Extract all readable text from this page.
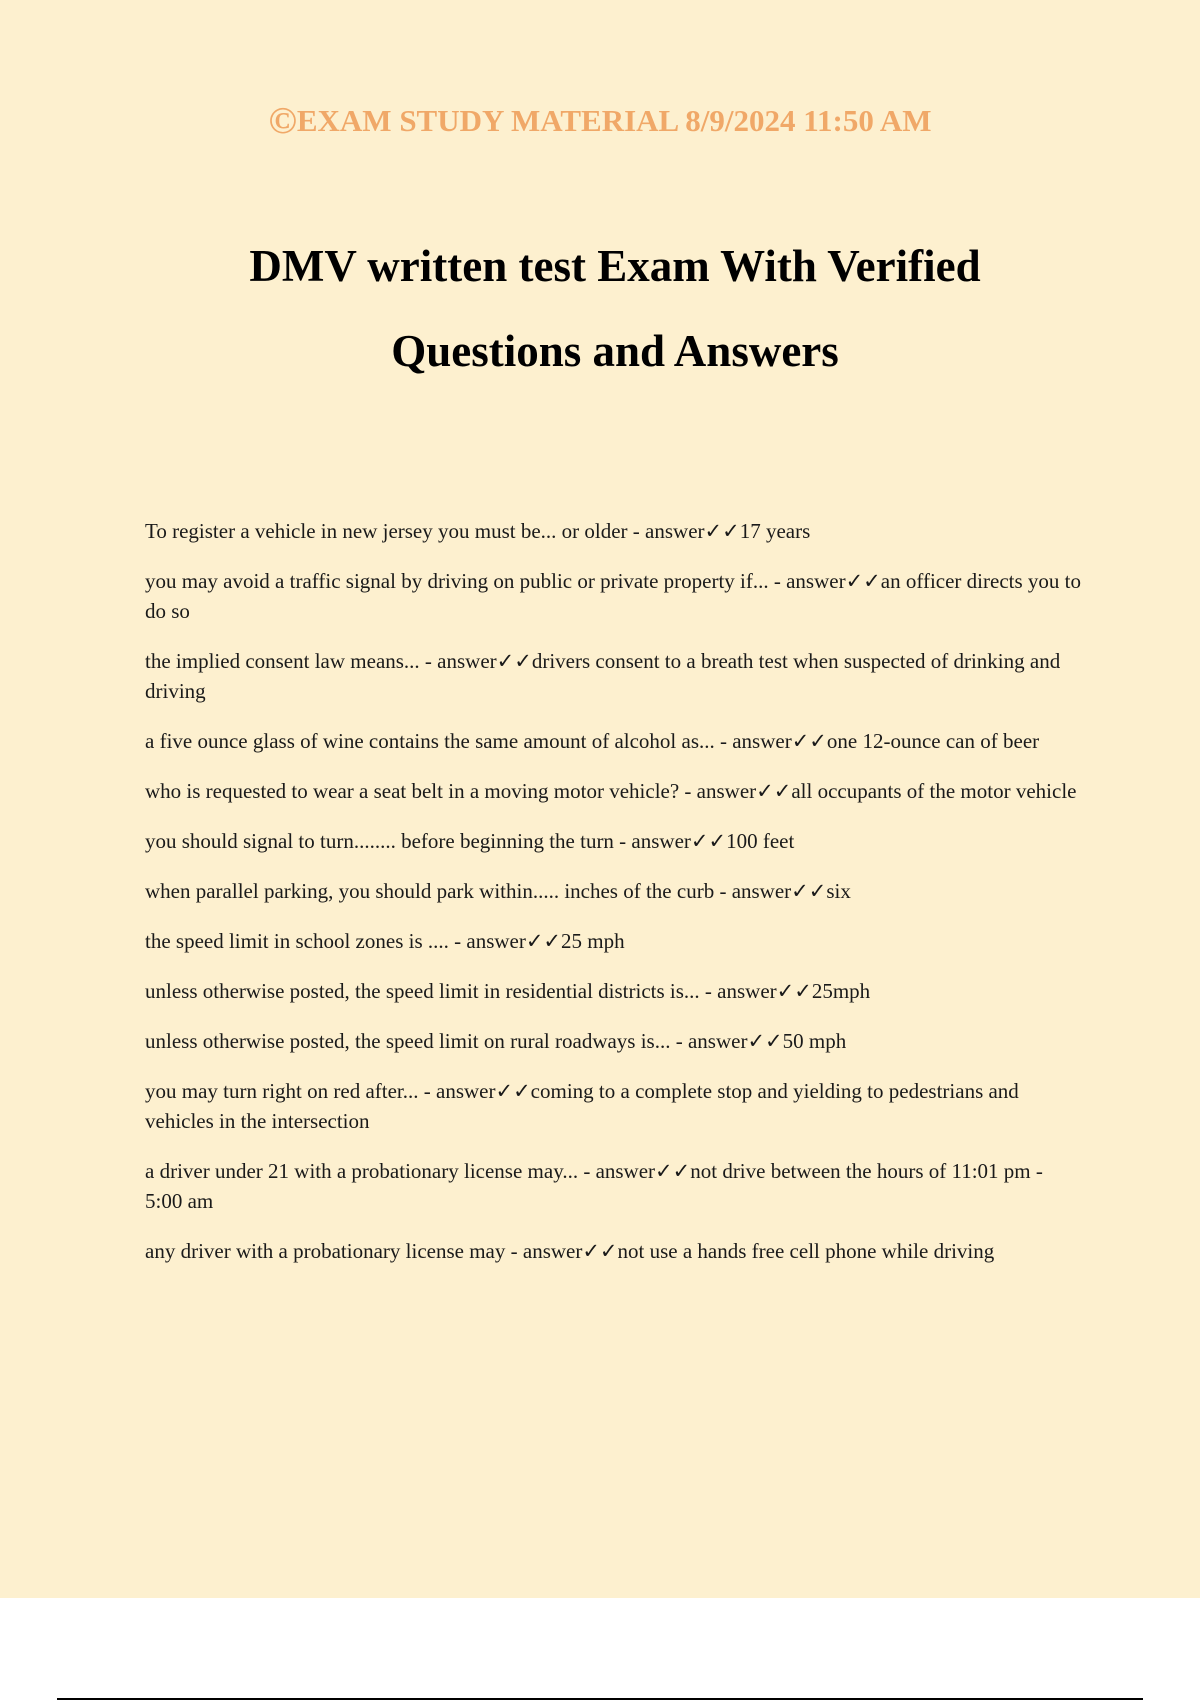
©EXAM STUDY MATERIAL 8/9/2024 11:50 AM
DMV written test Exam With Verified
Questions and Answers
To register a vehicle in new jersey you must be... or older - answer✓✓17 years
you may avoid a traffic signal by driving on public or private property if... - answer✓✓an officer directs you to do so
the implied consent law means... - answer✓✓drivers consent to a breath test when suspected of drinking and driving
a five ounce glass of wine contains the same amount of alcohol as... - answer✓✓one 12-ounce can of beer
who is requested to wear a seat belt in a moving motor vehicle? - answer✓✓all occupants of the motor vehicle
you should signal to turn........ before beginning the turn - answer✓✓100 feet
when parallel parking, you should park within..... inches of the curb - answer✓✓six
the speed limit in school zones is .... - answer✓✓25 mph
unless otherwise posted, the speed limit in residential districts is... - answer✓✓25mph
unless otherwise posted, the speed limit on rural roadways is... - answer✓✓50 mph
you may turn right on red after... - answer✓✓coming to a complete stop and yielding to pedestrians and vehicles in the intersection
a driver under 21 with a probationary license may... - answer✓✓not drive between the hours of 11:01 pm - 5:00 am
any driver with a probationary license may - answer✓✓not use a hands free cell phone while driving
